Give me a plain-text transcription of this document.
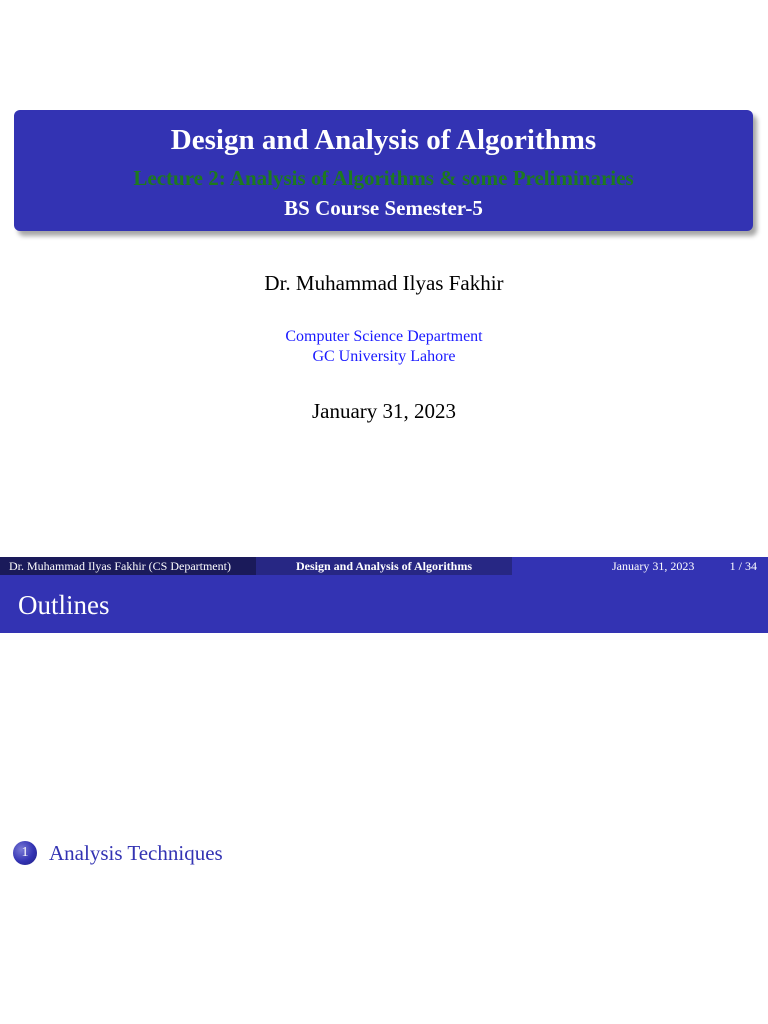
Design and Analysis of Algorithms
Lecture 2: Analysis of Algorithms & some Preliminaries
BS Course Semester-5
Dr. Muhammad Ilyas Fakhir
Computer Science Department
GC University Lahore
January 31, 2023
Dr. Muhammad Ilyas Fakhir (CS Department)	Design and Analysis of Algorithms	January 31, 2023	1 / 34
Outlines
1 Analysis Techniques
